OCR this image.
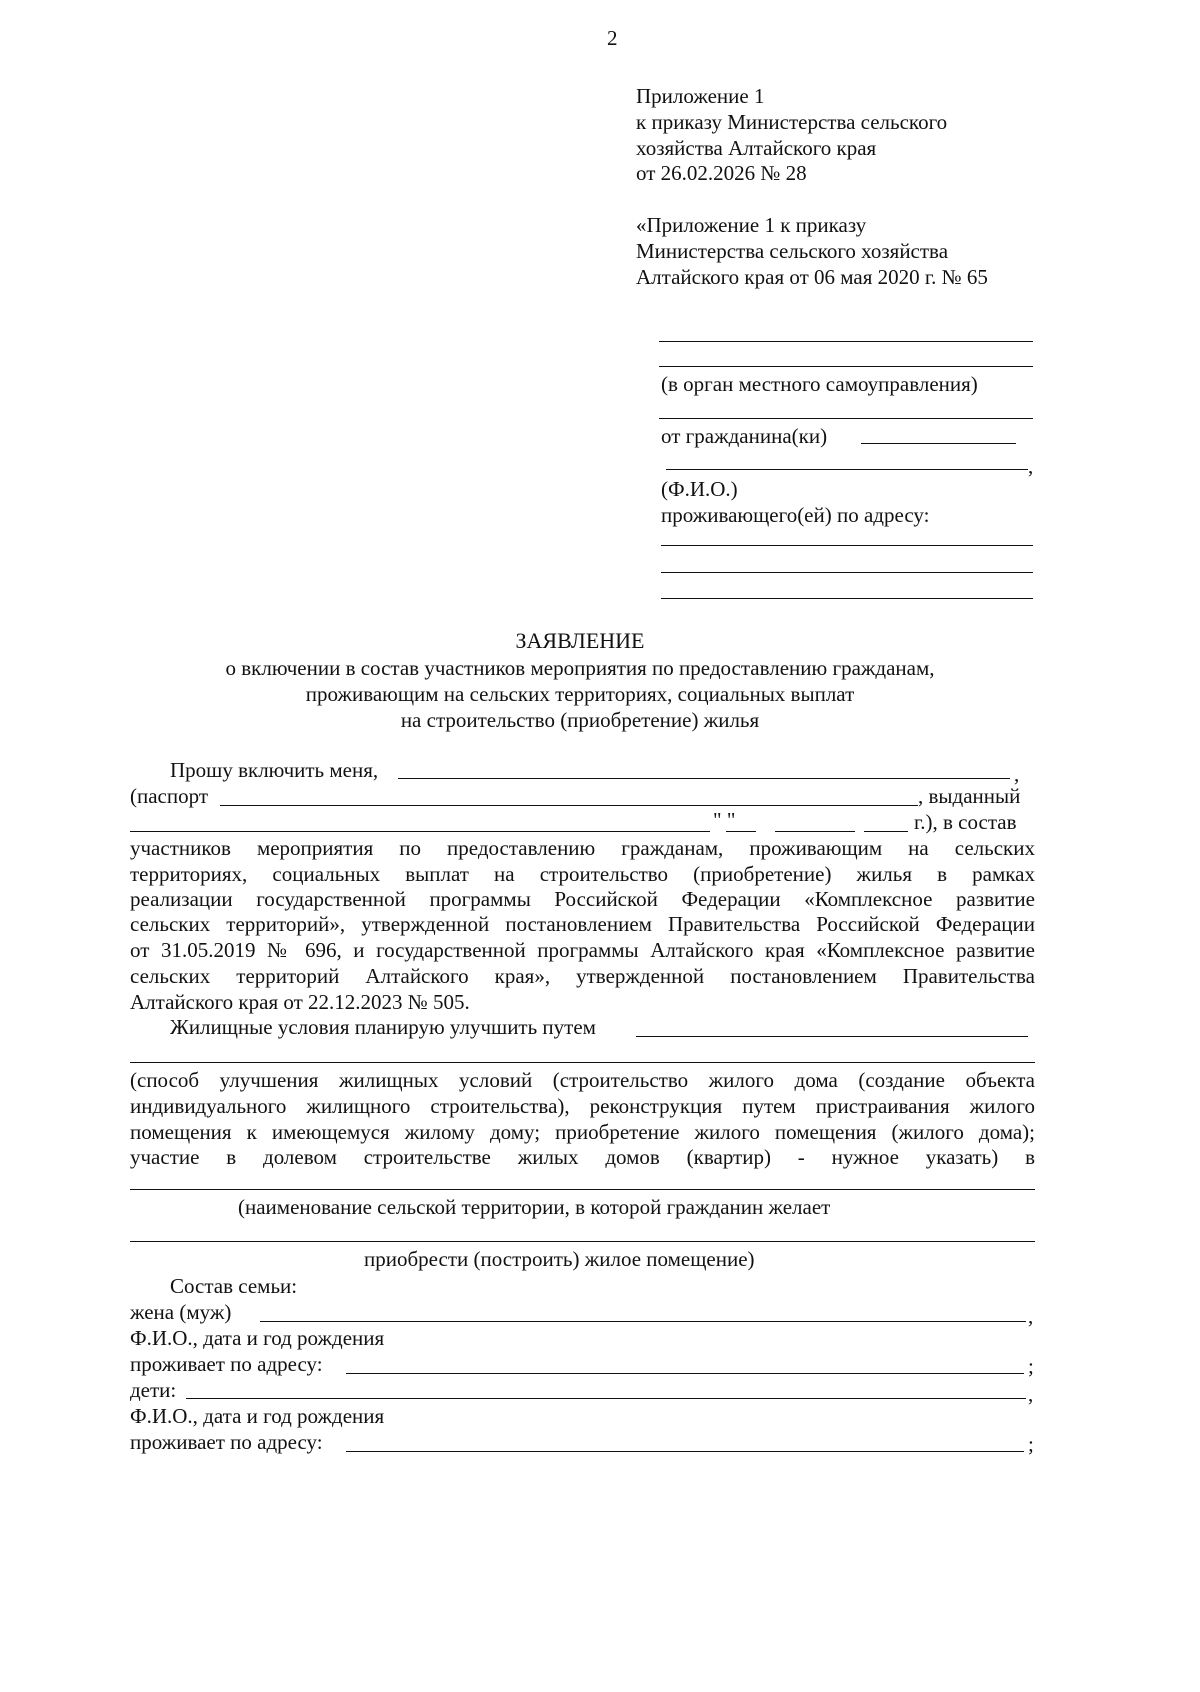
2
Приложение 1
к приказу Министерства сельского
хозяйства Алтайского края
от 26.02.2026 № 28
«Приложение 1 к приказу
Министерства сельского хозяйства
Алтайского края от 06 мая 2020 г. № 65
(в орган местного самоуправления)
от гражданина(ки)
,
(Ф.И.О.)
проживающего(ей) по адресу:
ЗАЯВЛЕНИЕ
о включении в состав участников мероприятия по предоставлению гражданам,
проживающим на сельских территориях, социальных выплат
на строительство (приобретение) жилья
Прошу включить меня,	,
(паспорт	, выданный
" "	г.), в состав
участников мероприятия по предоставлению гражданам, проживающим на сельских
территориях, социальных выплат на строительство (приобретение) жилья в рамках
реализации государственной программы Российской Федерации «Комплексное развитие
сельских территорий», утвержденной постановлением Правительства Российской Федерации
от 31.05.2019 № 696, и государственной программы Алтайского края «Комплексное развитие
сельских территорий Алтайского края», утвержденной постановлением Правительства
Алтайского края от 22.12.2023 № 505.
Жилищные условия планирую улучшить путем
(способ улучшения жилищных условий (строительство жилого дома (создание объекта
индивидуального жилищного строительства), реконструкция путем пристраивания жилого
помещения к имеющемуся жилому дому; приобретение жилого помещения (жилого дома);
участие в долевом строительстве жилых домов (квартир) - нужное указать) в
(наименование сельской территории, в которой гражданин желает
приобрести (построить) жилое помещение)
Состав семьи:
жена (муж)	,
Ф.И.О., дата и год рождения
проживает по адресу:	;
дети:	,
Ф.И.О., дата и год рождения
проживает по адресу:	;
